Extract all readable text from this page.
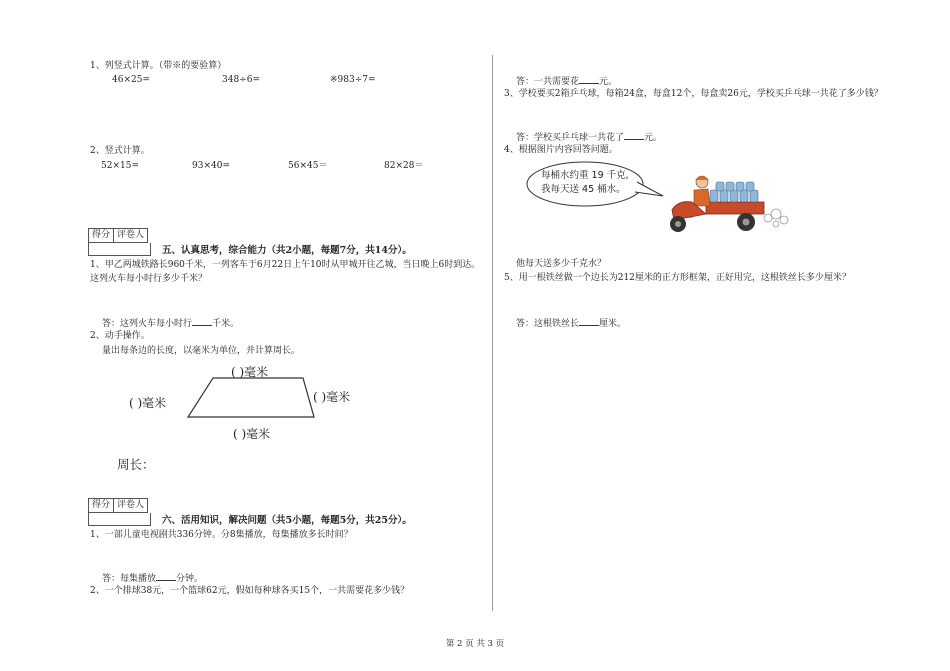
1、列竖式计算。（带※的要验算）
46×25=	348÷6=	※983÷7=
2、竖式计算。
52×15=	93×40=	56×45＝	82×28＝
得分 评卷人
五、认真思考，综合能力（共2小题，每题7分，共14分）。
1、甲乙两城铁路长960千米，一列客车于6月22日上午10时从甲城开往乙城，当日晚上6时到达。
这列火车每小时行多少千米？
答：这列火车每小时行 千米。
2、动手操作。
量出每条边的长度，以毫米为单位，并计算周长。
( )毫米
( )毫米	( )毫米
( )毫米
周长：
得分 评卷人
六、活用知识，解决问题（共5小题，每题5分，共25分）。
1、一部儿童电视剧共336分钟。分8集播放，每集播放多长时间？
答：每集播放 分钟。
2、一个排球38元，一个篮球62元，假如每种球各买15个，一共需要花多少钱？
答：一共需要花 元。
3、学校要买2箱乒乓球，每箱24盒，每盒12个，每盒卖26元，学校买乒乓球一共花了多少钱？
答：学校买乒乓球一共花了 元。
4、根据图片内容回答问题。
每桶水约重 19 千克,
我每天送 45 桶水。
他每天送多少千克水？
5、用一根铁丝做一个边长为212厘米的正方形框架，正好用完，这根铁丝长多少厘米？
答：这根铁丝长 厘米。
第 2 页 共 3 页
